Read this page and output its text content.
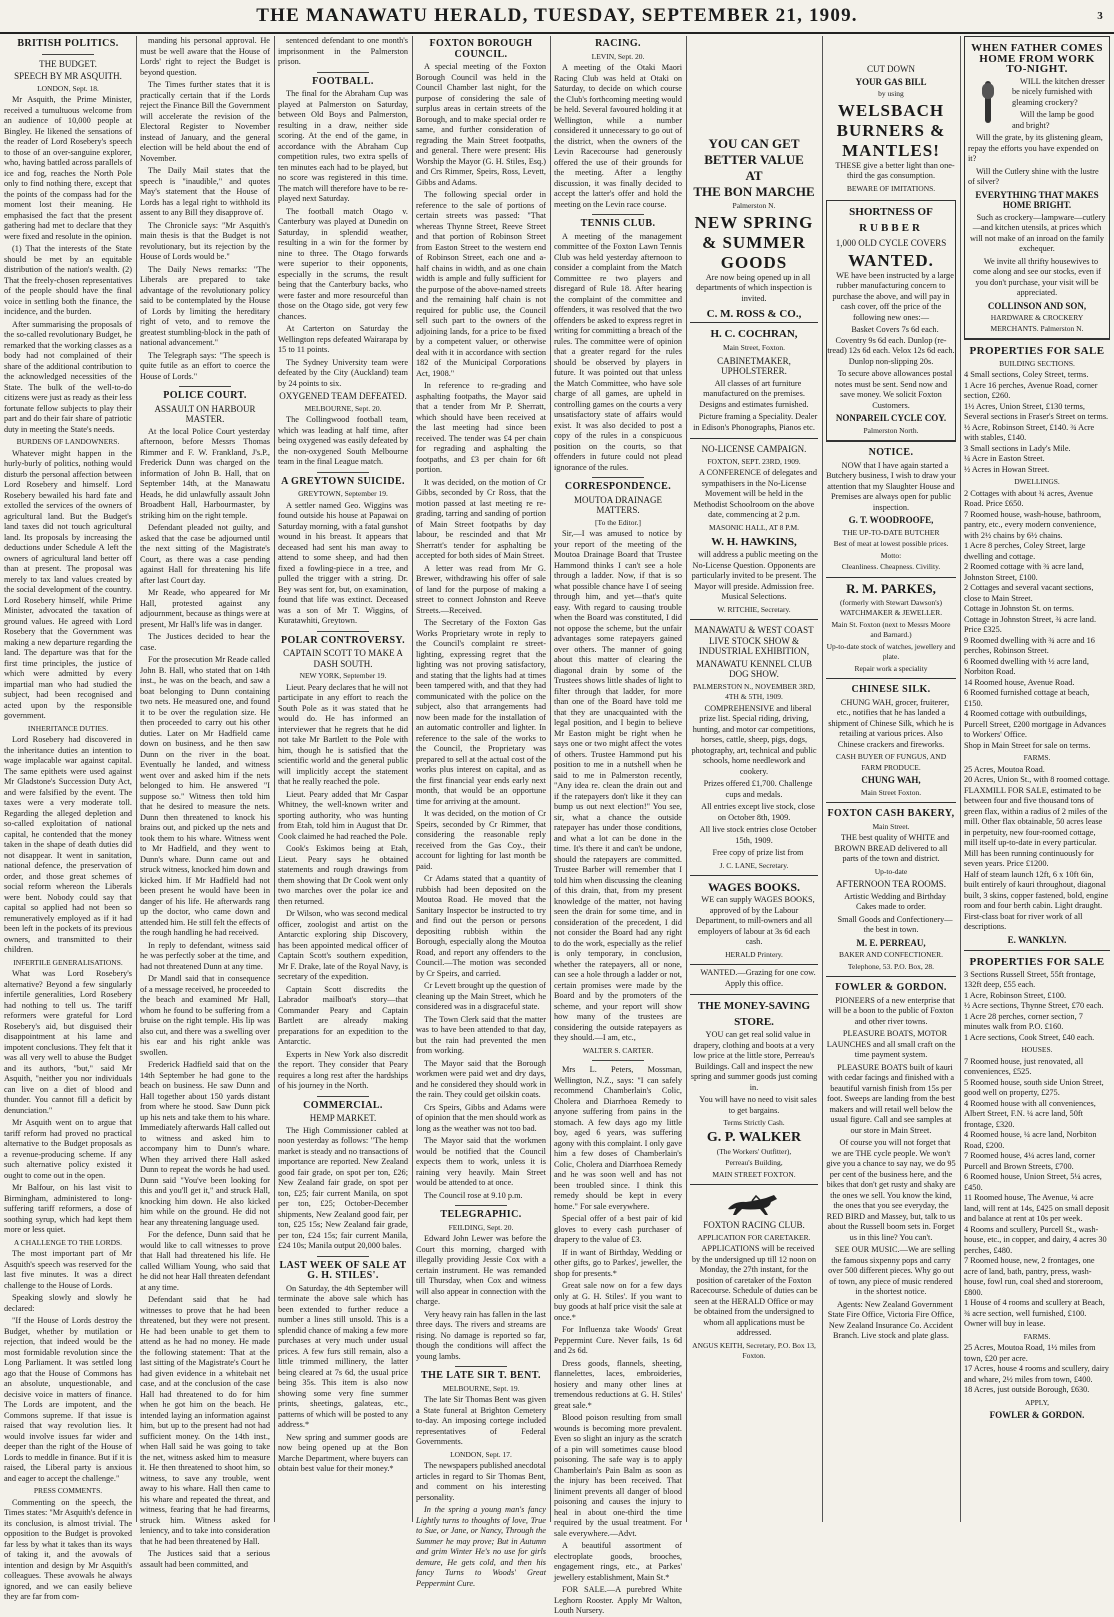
THE MANAWATU HERALD, TUESDAY, SEPTEMBER 21, 1909.	3
BRITISH POLITICS.
THE BUDGET.
SPEECH BY MR ASQUITH.
LONDON, Sept. 18.

Mr Asquith, the Prime Minister, received a tumultuous welcome from an audience of 10,000 people at Bingley. He likened the sensations of the reader of Lord Rosebery's speech to those of an over-sanguine explorer, who, having battled across parallels of ice and fog, reaches the North Pole only to find nothing there, except that the points of the compass had for the moment lost their meaning. He emphasised the fact that the present gathering had met to declare that they were fixed and resolute in the opinion.

(1) That the interests of the State should be met by an equitable distribution of the nation's wealth. (2) That the freely-chosen representatives of the people should have the final voice in settling both the finance, the incidence, and the burden.

After summarising the proposals of the so-called revolutionary Budget, he remarked that the working classes as a body had not complained of their share of the additional contribution to the acknowledged necessities of the State. The bulk of the well-to-do citizens were just as ready as their less fortunate fellow subjects to play their part and do their fair share of patriotic duty in meeting the State's needs.

BURDENS OF LANDOWNERS.

Whatever might happen in the hurly-burly of politics, nothing would disturb the personal affection between Lord Rosebery and himself. Lord Rosebery bewailed his hard fate and extolled the services of the owners of agricultural land. But the Budget's land taxes did not touch agricultural land. Its proposals by increasing the deductions under Schedule A left the owners of agricultural land better off than at present. The proposal was merely to tax land values created by the social development of the country. Lord Rosebery himself, while Prime Minister, advocated the taxation of ground values. He agreed with Lord Rosebery that the Government was making a new departure regarding the land. The departure was that for the first time principles, the justice of which were admitted by every impartial man who had studied the subject, had been recognised and acted upon by the responsible government.

INHERITANCE DUTIES.

Lord Rosebery had discovered in the inheritance duties an intention to wage implacable war against capital. The same epithets were used against Mr Gladstone's Succession Duty Act, and were falsified by the event. The taxes were a very moderate toll. Regarding the alleged depletion and so-called exploitation of national capital, he contended that the money taken in the shape of death duties did not disappear. It went in sanitation, national defence, the preservation of order, and those great schemes of social reform whereon the Liberals were bent. Nobody could say that capital so applied had not been so remuneratively employed as if it had been left in the pockets of its previous owners, and transmitted to their children.

INFERTILE GENERALISATIONS.

What was Lord Rosebery's alternative? Beyond a few singularly infertile generalities, Lord Rosebery had nothing to tell us. The tariff reformers were grateful for Lord Rosebery's aid, but disguised their disappointment at his lame and impotent conclusions. They felt that it was all very well to abuse the Budget and its authors, "but," said Mr Asquith, "neither you nor individuals can live on a diet of blood and thunder. You cannot fill a deficit by denunciation."

Mr Asquith went on to argue that tariff reform had proved no practical alternative to the Budget proposals as a revenue-producing scheme. If any such alternative policy existed it ought to come out in the open.

Mr Balfour, on his last visit to Birmingham, administered to long-suffering tariff reformers, a dose of soothing syrup, which had kept them more or less quiet.

A CHALLENGE TO THE LORDS.

The most important part of Mr Asquith's speech was reserved for the last five minutes. It was a direct challenge to the House of Lords.

Speaking slowly and slowly he declared:

"If the House of Lords destroy the Budget, whether by mutilation or rejection, that indeed would be the most formidable revolution since the Long Parliament. It was settled long ago that the House of Commons has an absolute, unquestionable, and decisive voice in matters of finance. The Lords are impotent, and the Commons supreme. If that issue is raised that way revolution lies. It would involve issues far wider and deeper than the right of the House of Lords to meddle in finance. But if it is raised, the Liberal party is anxious and eager to accept the challenge."

PRESS COMMENTS.

Commenting on the speech, the Times states: "Mr Asquith's defence in its conclusion, is almost trivial. The opposition to the Budget is provoked far less by what it takes than its ways of taking it, and the avowals of intention and design by Mr Asquith's colleagues. These avowals he always ignored, and we can easily believe they are far from com-

manding his personal approval. He must be well aware that the House of Lords' right to reject the Budget is beyond question.

The Times further states that it is practically certain that if the Lords reject the Finance Bill the Government will accelerate the revision of the Electoral Register to November instead of January, and the general election will be held about the end of November.

The Daily Mail states that the speech is "inaudible," and quotes May's statement that the House of Lords has a legal right to withhold its assent to any Bill they disapprove of.

The Chronicle says: "Mr Asquith's main thesis is that the Budget is not revolutionary, but its rejection by the House of Lords would be."

The Daily News remarks: "The Liberals are prepared to take advantage of the revolutionary policy said to be contemplated by the House of Lords by limiting the hereditary right of veto, and to remove the greatest stumbling-block in the path of national advancement."

The Telegraph says: "The speech is quite futile as an effort to coerce the House of Lords."

POLICE COURT.
ASSAULT ON HARBOUR MASTER.

At the local Police Court yesterday afternoon, before Messrs Thomas Rimmer and F. W. Frankland, J's.P., Frederick Dunn was charged on the information of John B. Hall, that on September 14th, at the Manawatu Heads, he did unlawfully assault John Broadbent Hall, Harbourmaster, by striking him on the right temple.

Defendant pleaded not guilty, and asked that the case be adjourned until the next sitting of the Magistrate's Court, as there was a case pending against Hall for threatening his life after last Court day.

Mr Reade, who appeared for Mr Hall, protested against any adjournment, because as things were at present, Mr Hall's life was in danger.

The Justices decided to hear the case.

For the prosecution Mr Reade called John B. Hall, who stated that on 14th inst., he was on the beach, and saw a boat belonging to Dunn containing two nets. He measured one, and found it to be over the regulation size. He then proceeded to carry out his other duties. Later on Mr Hadfield came down on business, and he then saw Dunn on the river in the boat. Eventually he landed, and witness went over and asked him if the nets belonged to him. He answered "I suppose so." Witness then told him that he desired to measure the nets. Dunn then threatened to knock his brains out, and picked up the nets and took them to his whare. Witness went to Mr Hadfield, and they went to Dunn's whare. Dunn came out and struck witness, knocked him down and kicked him. If Mr Hadfield had not been present he would have been in danger of his life. He afterwards rang up the doctor, who came down and attended him. He still felt the effects of the rough handling he had received.

In reply to defendant, witness said he was perfectly sober at the time, and had not threatened Dunn at any time.

Dr Mandl said that in consequence of a message received, he proceeded to the beach and examined Mr Hall, whom he found to be suffering from a bruise on the right temple. His lip was also cut, and there was a swelling over his ear and his right ankle was swollen.

Frederick Hadfield said that on the 14th September he had gone to the beach on business. He saw Dunn and Hall together about 150 yards distant from where he stood. Saw Dunn pick up his nets and take them to his whare. Immediately afterwards Hall called out to witness and asked him to accompany him to Dunn's whare. When they arrived there Hall asked Dunn to repeat the words he had used. Dunn said "You've been looking for this and you'll get it," and struck Hall, knocking him down. He also kicked him while on the ground. He did not hear any threatening language used.

For the defence, Dunn said that he would like to call witnesses to prove that Hall had threatened his life. He called William Young, who said that he did not hear Hall threaten defendant at any time.

Defendant said that he had witnesses to prove that he had been threatened, but they were not present. He had been unable to get them to attend as he had no money. He made the following statement: That at the last sitting of the Magistrate's Court he had given evidence in a whitebait net case, and at the conclusion of the case Hall had threatened to do for him when he got him on the beach. He intended laying an information against him, but up to the present had not had sufficient money. On the 14th inst., when Hall said he was going to take the net, witness asked him to measure it. He then threatened to shoot him, so witness, to save any trouble, went away to his whare. Hall then came to his whare and repeated the threat, and witness, fearing that he had firearms, struck him. Witness asked for leniency, and to take into consideration that he had been threatened by Hall.

The Justices said that a serious assault had been committed, and

sentenced defendant to one month's imprisonment in the Palmerston prison.

FOOTBALL.

The final for the Abraham Cup was played at Palmerston on Saturday, between Old Boys and Palmerston, resulting in a draw, neither side scoring. At the end of the game, in accordance with the Abraham Cup competition rules, two extra spells of ten minutes each had to be played, but no score was registered in this time. The match will therefore have to be re-played next Saturday.

The football match Otago v. Canterbury was played at Dunedin on Saturday, in splendid weather, resulting in a win for the former by nine to three. The Otago forwards were superior to their opponents, especially in the scrums, the result being that the Canterbury backs, who were faster and more resourceful than those on the Otago side, got very few chances.

At Carterton on Saturday the Wellington reps defeated Wairarapa by 15 to 11 points.

The Sydney University team were defeated by the City (Auckland) team by 24 points to six.

OXYGENED TEAM DEFEATED.
MELBOURNE, Sept. 20.

The Collingwood football team, which was leading at half time, after being oxygened was easily defeated by the non-oxygened South Melbourne team in the final League match.

A GREYTOWN SUICIDE.
GREYTOWN, September 19.

A settler named Geo. Wiggins was found outside his house at Papawai on Saturday morning, with a fatal gunshot wound in his breast. It appears that deceased had sent his man away to attend to some sheep, and had then fixed a fowling-piece in a tree, and pulled the trigger with a string. Dr. Bey was sent for, but, on examination, found that life was extinct. Deceased was a son of Mr T. Wiggins, of Kuratawhiti, Greytown.

POLAR CONTROVERSY.
CAPTAIN SCOTT TO MAKE A DASH SOUTH.
NEW YORK, September 19.

Lieut. Peary declares that he will not participate in any effort to reach the South Pole as it was stated that he would do. He has informed an interviewer that he regrets that he did not take Mr Bartlett to the Pole with him, though he is satisfied that the scientific world and the general public will implicitly accept the statement that he really reached the pole.

Lieut. Peary added that Mr Caspar Whitney, the well-known writer and sporting authority, who was hunting from Etah, told him in August that Dr. Cook claimed he had reached the Pole.

Cook's Eskimos being at Etah, Lieut. Peary says he obtained statements and rough drawings from them showing that Dr Cook went only two marches over the polar ice and then returned.

Dr Wilson, who was second medical officer, zoologist and artist on the Antarctic exploring ship Discovery, has been appointed medical officer of Captain Scott's southern expedition, Mr F. Drake, late of the Royal Navy, is secretary of the expedition.

Captain Scott discredits the Labrador mailboat's story—that Commander Peary and Captain Bartlett are already making preparations for an expedition to the Antarctic.

Experts in New York also discredit the report. They consider that Peary requires a long rest after the hardships of his journey in the North.

COMMERCIAL.
HEMP MARKET.

The High Commissioner cabled at noon yesterday as follows: "The hemp market is steady and no transactions of importance are reported. New Zealand good fair grade, on spot per ton, £26; New Zealand fair grade, on spot per ton, £25; fair current Manila, on spot per ton, £25; October-December shipments, New Zealand good fair, per ton, £25 15s; New Zealand fair grade, per ton, £24 15s; fair current Manila, £24 10s; Manila output 20,000 bales.

LAST WEEK OF SALE AT G. H. STILES'.

On Saturday, the 4th September will terminate the above sale which has been extended to further reduce a number a lines still unsold. This is a splendid chance of making a few more purchases at very much under usual prices. A few furs still remain, also a little trimmed millinery, the latter being cleared at 7s 6d, the usual price being 35s. This item is also now showing some very fine summer prints, sheetings, galateas, etc., patterns of which will be posted to any address.*

New spring and summer goods are now being opened up at the Bon Marche Department, where buyers can obtain best value for their money.*

FOXTON BOROUGH COUNCIL.

A special meeting of the Foxton Borough Council was held in the Council Chamber last night, for the purpose of considering the sale of surplus areas in certain streets of the Borough, and to make special order re same, and further consideration of regrading the Main Street footpaths, and general. There were present: His Worship the Mayor (G. H. Stiles, Esq.) and Crs Rimmer, Speirs, Ross, Levett, Gibbs and Adams.

The following special order in reference to the sale of portions of certain streets was passed: "That whereas Thynne Street, Reeve Street and that portion of Robinson Street from Easton Street to the western end of Robinson Street, each one and a-half chains in width, and as one chain width is ample and fully sufficient for the purpose of the above-named streets and the remaining half chain is not required for public use, the Council sell such part to the owners of the adjoining lands, for a price to be fixed by a competent valuer, or otherwise deal with it in accordance with section 182 of the Municipal Corporations Act, 1908."

In reference to re-grading and asphalting footpaths, the Mayor said that a tender from Mr P. Sherratt, which should have been received at the last meeting had since been received. The tender was £4 per chain for regrading and asphalting the footpaths, and £3 per chain for 6ft portion.

It was decided, on the motion of Cr Gibbs, seconded by Cr Ross, that the motion passed at last meeting re re-grading, tarring and sanding of portion of Main Street footpaths by day labour, be rescinded and that Mr Sherratt's tender for asphalting be accepted for both sides of Main Street.

A letter was read from Mr G. Brewer, withdrawing his offer of sale of land for the purpose of making a street to connect Johnston and Reeve Streets.—Received.

The Secretary of the Foxton Gas Works Proprietary wrote in reply to the Council's complaint re street-lighting, expressing regret that the lighting was not proving satisfactory, and stating that the lights had at times been tampered with, and that they had communicated with the police on the subject, also that arrangements had now been made for the installation of an automatic controller and lighter. In reference to the sale of the works to the Council, the Proprietary was prepared to sell at the actual cost of the works plus interest on capital, and as the first financial year ends early next month, that would be an opportune time for arriving at the amount.

It was decided, on the motion of Cr Speirs, seconded by Cr Rimmer, that considering the reasonable reply received from the Gas Coy., their account for lighting for last month be paid.

Cr Adams stated that a quantity of rubbish had been deposited on the Moutoa Road. He moved that the Sanitary Inspector be instructed to try and find out the person or persons depositing rubbish within the Borough, especially along the Moutoa Road, and report any offenders to the Council.—The motion was seconded by Cr Speirs, and carried.

Cr Levett brought up the question of cleaning up the Main Street, which he considered was in a disgraceful state.

The Town Clerk said that the matter was to have been attended to that day, but the rain had prevented the men from working.

The Mayor said that the Borough workmen were paid wet and dry days, and he considered they should work in the rain. They could get oilskin coats.

Crs Speirs, Gibbs and Adams were of opinion that the men should work as long as the weather was not too bad.

The Mayor said that the workmen would be notified that the Council expects them to work, unless it is raining very heavily. Main Street would be attended to at once.

The Council rose at 9.10 p.m.

TELEGRAPHIC.
FEILDING, Sept. 20.

Edward John Lewer was before the Court this morning, charged with illegally providing Jessie Cox with a certain instrument. He was remanded till Thursday, when Cox and witness will also appear in connection with the charge.

Very heavy rain has fallen in the last three days. The rivers and streams are rising. No damage is reported so far, though the conditions will affect the young lambs.

THE LATE SIR T. BENT.
MELBOURNE, Sept. 19.

The late Sir Thomas Bent was given a State funeral at Brighton Cemetery to-day. An imposing cortege included representatives of Federal Governments.

LONDON, Sept. 17.

The newspapers published anecdotal articles in regard to Sir Thomas Bent, and comment on his interesting personality.

In the spring a young man's fancy Lightly turns to thoughts of love, True to Sue, or Jane, or Nancy, Through the Summer he may prove; But in Autumn and grim Winter He's no use for girls demure, He gets cold, and then his fancy Turns to Woods' Great Peppermint Cure.

RACING.
LEVIN, Sept. 20.

A meeting of the Otaki Maori Racing Club was held at Otaki on Saturday, to decide on which course the Club's forthcoming meeting would be held. Several favoured holding it at Wellington, while a number considered it unnecessary to go out of the district, when the owners of the Levin Racecourse had generously offered the use of their grounds for the meeting. After a lengthy discussion, it was finally decided to accept the latter's offer and hold the meeting on the Levin race course.

TENNIS CLUB.

A meeting of the management committee of the Foxton Lawn Tennis Club was held yesterday afternoon to consider a complaint from the Match Committee re two players and disregard of Rule 18. After hearing the complaint of the committee and offenders, it was resolved that the two offenders be asked to express regret in writing for committing a breach of the rules. The committee were of opinion that a greater regard for the rules should be observed by players in future. It was pointed out that unless the Match Committee, who have sole charge of all games, are upheld in controlling games on the courts a very unsatisfactory state of affairs would exist. It was also decided to post a copy of the rules in a conspicuous position on the courts, so that offenders in future could not plead ignorance of the rules.

CORRESPONDENCE.
MOUTOA DRAINAGE MATTERS.
[To the Editor.]

Sir,—I was amused to notice by your report of the meeting of the Moutoa Drainage Board that Trustee Hammond thinks I can't see a hole through a ladder. Now, if that is so what possible chance have I of seeing through him, and yet—that's quite easy. With regard to causing trouble when the Board was constituted, I did not oppose the scheme, but the unfair advantages some ratepayers gained over others. The manner of going about this matter of clearing the diagonal drain by some of the Trustees shows little shades of light to filter through that ladder, for more than one of the Board have told me that they are unacquainted with the legal position, and I begin to believe Mr Easton might be right when he says one or two might affect the votes of others. Trustee Hammond put his position to me in a nutshell when he said to me in Palmerston recently, "Any idea re. clean the drain out and if the ratepayers don't like it they can bump us out next election!" You see, sir, what a chance the outside ratepayer has under those conditions, and what a lot can be done in the time. It's there it and can't be undone, should the ratepayers are committed. Trustee Barber will remember that I told him when discussing the cleaning of this drain, that, from my present knowledge of the matter, not having seen the drain for some time, and in consideration of the precedent, I did not consider the Board had any right to do the work, especially as the relief is only temporary, in conclusion, whether the ratepayers, all or none, can see a hole through a ladder or not, certain promises were made by the Board and by the promoters of the scheme, and your report will show how many of the trustees are considering the outside ratepayers as they should.—I am, etc.,

WALTER S. CARTER.

Mrs L. Peters, Mossman, Wellington, N.Z., says: "I can safely recommend Chamberlain's Colic, Cholera and Diarrhoea Remedy to anyone suffering from pains in the stomach. A few days ago my little boy, aged 6 years, was suffering agony with this complaint. I only gave him a few doses of Chamberlain's Colic, Cholera and Diarrhoea Remedy and he was soon well and has not been troubled since. I think this remedy should be kept in every home." For sale everywhere.

Special offer of a best pair of kid gloves to every cash purchaser of drapery to the value of £3.

If in want of Birthday, Wedding or other gifts, go to Parkes', jeweller, the shop for presents.*

Great sale now on for a few days only at G. H. Stiles'. If you want to buy goods at half price visit the sale at once.*

For Influenza take Woods' Great Peppermint Cure. Never fails, 1s 6d and 2s 6d.

Dress goods, flannels, sheeting, flannelettes, laces, embroideries, hosiery and many other lines at tremendous reductions at G. H. Stiles' great sale.*

Blood poison resulting from small wounds is becoming more prevalent. Even so slight an injury as the scratch of a pin will sometimes cause blood poisoning. The safe way is to apply Chamberlain's Pain Balm as soon as the injury has been received. That liniment prevents all danger of blood poisoning and causes the injury to heal in about one-third the time required by the usual treatment. For sale everywhere.—Advt.

A beautiful assortment of electroplate goods, brooches, engagement rings, etc., at Parkes' jewellery establishment, Main St.*

FOR SALE.—A purebred White Leghorn Rooster. Apply Mr Walton, Louth Nursery.

YOU CAN GET
BETTER VALUE
AT
THE BON MARCHE
Palmerston N.
NEW SPRING
& SUMMER
GOODS

Are now being opened up in all departments of which inspection is invited.

C. M. ROSS & CO.,
H. C. COCHRAN,
Main Street, Foxton.
CABINETMAKER, UPHOLSTERER.

All classes of art furniture manufactured on the premises. Designs and estimates furnished.

Picture framing a Speciality. Dealer in Edison's Phonographs, Pianos etc.

NO-LICENSE CAMPAIGN.
FOXTON, SEPT. 23RD, 1909.

A CONFERENCE of delegates and sympathisers in the No-License Movement will be held in the Methodist Schoolroom on the above date, commencing at 2 p.m.

MASONIC HALL, AT 8 P.M.
W. H. HAWKINS,

will address a public meeting on the No-License Question. Opponents are particularly invited to be present. The Mayor will preside. Admission free. Musical Selections.

W. RITCHIE, Secretary.
MANAWATU & WEST COAST LIVE STOCK SHOW & INDUSTRIAL EXHIBITION,
MANAWATU KENNEL CLUB DOG SHOW.
PALMERSTON N., NOVEMBER 3RD, 4TH & 5TH, 1909.

COMPREHENSIVE and liberal prize list. Special riding, driving, hunting, and motor car competitions, horses, cattle, sheep, pigs, dogs, photography, art, technical and public schools, home needlework and cookery.

Prizes offered £1,700. Challenge cups and medals.

All entries except live stock, close on October 8th, 1909.

All live stock entries close October 15th, 1909.

Free copy of prize list from

J. C. LANE, Secretary.
WAGES BOOKS.

WE can supply WAGES BOOKS, approved of by the Labour Department, to mill-owners and all employers of labour at 3s 6d each cash.

HERALD Printery.

WANTED.—Grazing for one cow. Apply this office.

THE MONEY-SAVING STORE.

YOU can get real solid value in drapery, clothing and boots at a very low price at the little store, Perreau's Buildings. Call and inspect the new spring and summer goods just coming in.

You will have no need to visit sales to get bargains.

Terms Strictly Cash.
G. P. WALKER
(The Workers' Outfitter),
Perreau's Building,
MAIN STREET FOXTON.
FOXTON RACING CLUB.
APPLICATION FOR CARETAKER.

APPLICATIONS will be received by the undersigned up till 12 noon on Monday, the 27th instant, for the position of caretaker of the Foxton Racecourse. Schedule of duties can be seen at the HERALD Office or may be obtained from the undersigned to whom all applications must be addressed.

ANGUS KEITH, Secretary, P.O. Box 13, Foxton.
CUT DOWN
YOUR GAS BILL
by using
WELSBACH
BURNERS &
MANTLES!

THESE give a better light than one-third the gas consumption.

BEWARE OF IMITATIONS.
SHORTNESS OF
RUBBER
1,000 OLD CYCLE COVERS
WANTED.

WE have been instructed by a large rubber manufacturing concern to purchase the above, and will pay in cash cover, off the price of the following new ones:—

Basket Covers 7s 6d each. Coventry 9s 6d each. Dunlop (re-tread) 12s 6d each. Velox 12s 6d each. Dunlop non-slipping 20s.

To secure above allowances postal notes must be sent. Send now and save money. We solicit Foxton Customers.

NONPAREIL CYCLE COY.
Palmerston North.
NOTICE.

NOW that I have again started a Butchery business, I wish to draw your attention that my Slaughter House and Premises are always open for public inspection.

G. T. WOODROOFE,
THE UP-TO-DATE BUTCHER
Best of meat at lowest possible prices.
Motto:
Cleanliness. Cheapness. Civility.
R. M. PARKES,
(formerly with Stewart Dawson's) WATCHMAKER & JEWELLER.
Main St. Foxton (next to Messrs Moore and Barnard.)
Up-to-date stock of watches, jewellery and plate.
Repair work a speciality
CHINESE SILK.

CHUNG WAH, grocer, fruiterer, etc., notifies that he has landed a shipment of Chinese Silk, which he is retailing at various prices. Also Chinese crackers and fireworks.

CASH BUYER OF FUNGUS, AND FARM PRODUCE.
CHUNG WAH,
Main Street Foxton.
FOXTON CASH BAKERY,
Main Street.

THE best quality of WHITE and BROWN BREAD delivered to all parts of the town and district.

Up-to-date
AFTERNOON TEA ROOMS.

Artistic Wedding and Birthday Cakes made to order.

Small Goods and Confectionery—the best in town.

M. E. PERREAU,
BAKER AND CONFECTIONER.
Telephone, 53. P.O. Box, 28.
FOWLER & GORDON.

PIONEERS of a new enterprise that will be a boon to the public of Foxton and other river towns.

PLEASURE BOATS, MOTOR LAUNCHES and all small craft on the time payment system.

PLEASURE BOATS built of kauri with cedar facings and finished with a beautiful varnish finish from 15s per foot. Sweeps are landing from the best makers and will retail well below the usual figure. Call and see samples at our store in Main Street.

Of course you will not forget that we are THE cycle people. We won't give you a chance to say nay, we do 95 per cent of the business here, and the bikes that don't get rusty and shaky are the ones we sell. You know the kind, the ones that you see everyday, the RED BIRD and Massey, but, talk to us about the Russell boom sets in. Forget us in this line? You can't.

SEE OUR MUSIC.—We are selling the famous sixpenny pops and carry over 500 different pieces. Why go out of town, any piece of music rendered in the shortest notice.

Agents: New Zealand Government State Fire Office, Victoria Fire Office, New Zealand Insurance Co. Accident Branch. Live stock and plate glass.

WHEN FATHER COMES HOME FROM WORK TO-NIGHT.

WILL the kitchen dresser be nicely furnished with gleaming crockery?

Will the lamp be good and bright?

Will the grate, by its glistening gleam, repay the efforts you have expended on it?

Will the Cutlery shine with the lustre of silver?

EVERYTHING THAT MAKES HOME BRIGHT.

Such as crockery—lampware—cutlery—and kitchen utensils, at prices which will not make of an inroad on the family exchequer.

We invite all thrifty housewives to come along and see our stocks, even if you don't purchase, your visit will be appreciated.

COLLINSON AND SON,
HARDWARE & CROCKERY MERCHANTS. Palmerston N.
PROPERTIES FOR SALE
BUILDING SECTIONS.

4 Small sections, Coley Street, terms.
1 Acre 16 perches, Avenue Road, corner section, £260.
1½ Acres, Union Street, £130 terms, Several sections in Fraser's Street on terms.
½ Acre, Robinson Street, £140. ¾ Acre with stables, £140.
3 Small sections in Lady's Mile.
¼ Acre in Easton Street.
½ Acres in Howan Street.

DWELLINGS.

2 Cottages with about ¾ acres, Avenue Road. Price £650.
7 Roomed house, wash-house, bathroom, pantry, etc., every modern convenience, with 2½ chains by 6½ chains.
1 Acre 8 perches, Coley Street, large dwelling and cottage.
2 Roomed cottage with ¾ acre land, Johnston Street, £100.
2 Cottages and several vacant sections, close to Main Street.
Cottage in Johnston St. on terms.
Cottage in Johnston Street, ¾ acre land. Price £325.
9 Roomed dwelling with ¾ acre and 16 perches, Robinson Street.
6 Roomed dwelling with ½ acre land, Norbiton Road.
14 Roomed house, Avenue Road.
6 Roomed furnished cottage at beach, £150.
4 Roomed cottage with outbuildings, Purcell Street, £200 mortgage in Advances to Workers' Office.
Shop in Main Street for sale on terms.

FARMS.

25 Acres, Moutoa Road.
20 Acres, Union St., with 8 roomed cottage.
FLAXMILL FOR SALE, estimated to be between four and five thousand tons of green flax, within a radius of 2 miles of the mill. Other flax obtainable, 50 acres lease in perpetuity, new four-roomed cottage, mill itself up-to-date in every particular. Mill has been running continuously for seven years. Price £1200.
Half of steam launch 12ft, 6 x 10ft 6in, built entirely of kauri throughout, diagonal built, 3 skins, copper fastened, bold, engine room and four berth cabin. Light draught. First-class boat for river work of all descriptions.

E. WANKLYN.
PROPERTIES FOR SALE

3 Sections Russell Street, 55ft frontage, 132ft deep, £55 each.
1 Acre, Robinson Street, £100.
½ Acre sections, Thynne Street, £70 each.
1 Acre 28 perches, corner section, 7 minutes walk from P.O. £160.
1 Acre sections, Cook Street, £40 each.

HOUSES.

7 Roomed house, just renovated, all conveniences, £525.
5 Roomed house, south side Union Street, good well on property, £275.
4 Roomed house with all conveniences, Albert Street, F.N. ¼ acre land, 50ft frontage, £320.
4 Roomed house, ¼ acre land, Norbiton Road, £200.
7 Roomed house, 4¼ acres land, corner Purcell and Brown Streets, £700.
6 Roomed house, Union Street, 5¼ acres, £450.
11 Roomed house, The Avenue, ¼ acre land, will rent at 14s, £425 on small deposit and balance at rent at 10s per week.
4 Rooms and scullery, Purcell St., wash-house, etc., in copper, and dairy, 4 acres 30 perches, £480.
7 Roomed house, new, 2 frontages, one acre of land, bath, pantry, press, wash-house, fowl run, coal shed and storeroom, £800.
1 House of 4 rooms and scullery at Beach, ¾ acre section, well furnished, £100. Owner will buy in lease.

FARMS.

25 Acres, Moutoa Road, 1½ miles from town, £20 per acre.
17 Acres, house 4 rooms and scullery, dairy and whare, 2½ miles from town, £400.
18 Acres, just outside Borough, £630.

APPLY,
FOWLER & GORDON.
